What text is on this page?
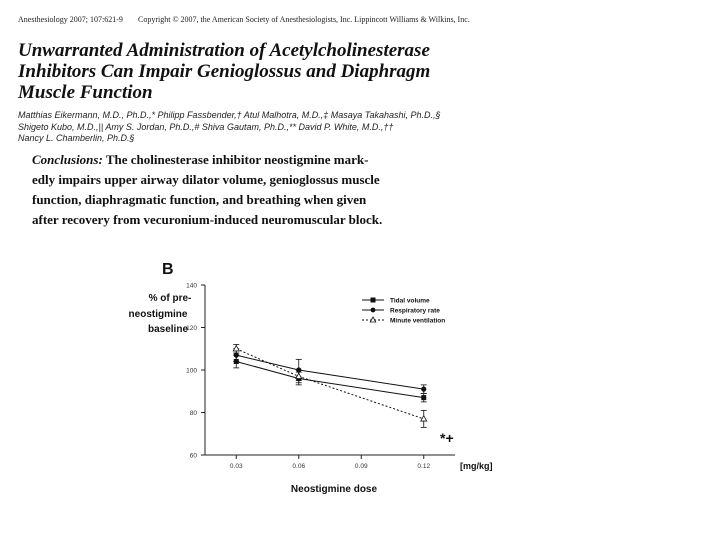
Anesthesiology 2007; 107:621-9 Copyright © 2007, the American Society of Anesthesiologists, Inc. Lippincott Williams & Wilkins, Inc.
Unwarranted Administration of Acetylcholinesterase
Inhibitors Can Impair Genioglossus and Diaphragm
Muscle Function
Matthias Eikermann, M.D., Ph.D.,* Philipp Fassbender,† Atul Malhotra, M.D.,‡ Masaya Takahashi, Ph.D.,§
Shigeto Kubo, M.D.,|| Amy S. Jordan, Ph.D.,# Shiva Gautam, Ph.D.,** David P. White, M.D.,††
Nancy L. Chamberlin, Ph.D.§
Conclusions: The cholinesterase inhibitor neostigmine mark-
edly impairs upper airway dilator volume, genioglossus muscle
function, diaphragmatic function, and breathing when given
after recovery from vecuronium-induced neuromuscular block.
B
% of pre-
neostigmine
baseline
Neostigmine dose
[mg/kg]
*+
60
80
100
120
140
0.03	0.06	0.09	0.12
Tidal volume
Respiratory rate
Minute ventilation
